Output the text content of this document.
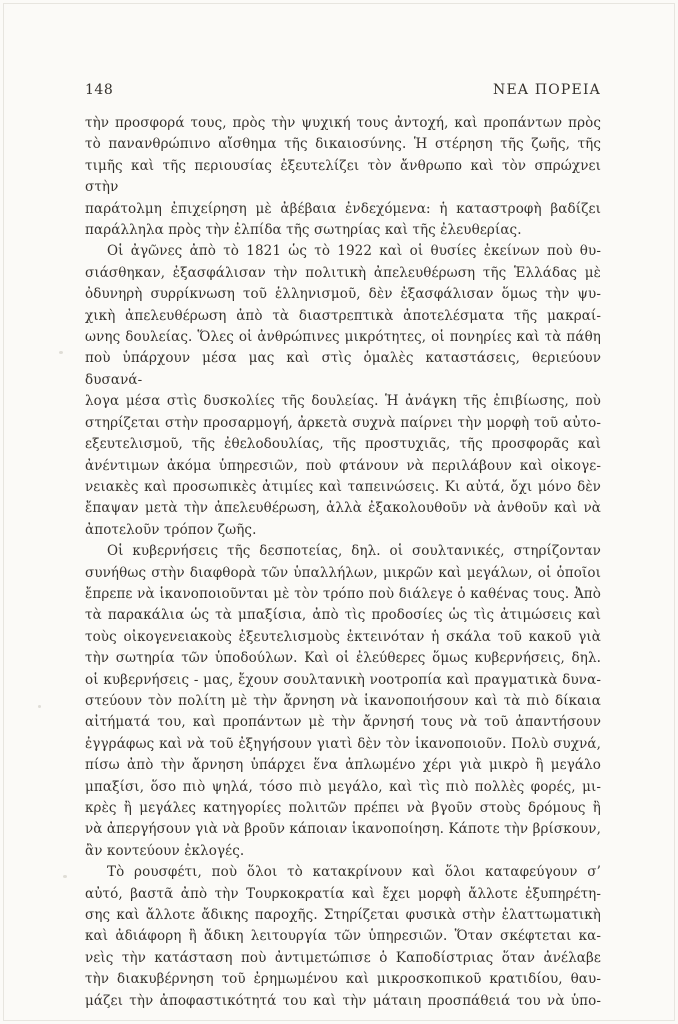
148	ΝΕΑ ΠΟΡΕΙΑ
τὴν προσφορά τους, πρὸς τὴν ψυχική τους ἀντοχή, καὶ προπάντων πρὸς
τὸ πανανθρώπινο αἴσθημα τῆς δικαιοσύνης. Ἡ στέρηση τῆς ζωῆς, τῆς
τιμῆς καὶ τῆς περιουσίας ἐξευτελίζει τὸν ἄνθρωπο καὶ τὸν σπρώχνει στὴν
παράτολμη ἐπιχείρηση μὲ ἀβέβαια ἐνδεχόμενα: ἡ καταστροφὴ βαδίζει
παράλληλα πρὸς τὴν ἐλπίδα τῆς σωτηρίας καὶ τῆς ἐλευθερίας.
Οἱ ἀγῶνες ἀπὸ τὸ 1821 ὡς τὸ 1922 καὶ οἱ θυσίες ἐκείνων ποὺ θυ-
σιάσθηκαν, ἐξασφάλισαν τὴν πολιτικὴ ἀπελευθέρωση τῆς Ἑλλάδας μὲ
ὀδυνηρὴ συρρίκνωση τοῦ ἑλληνισμοῦ, δὲν ἐξασφάλισαν ὅμως τὴν ψυ-
χικὴ ἀπελευθέρωση ἀπὸ τὰ διαστρεπτικὰ ἀποτελέσματα τῆς μακραί-
ωνης δουλείας. Ὅλες οἱ ἀνθρώπινες μικρότητες, οἱ πονηρίες καὶ τὰ πάθη
ποὺ ὑπάρχουν μέσα μας καὶ στὶς ὁμαλὲς καταστάσεις, θεριεύουν δυσανά-
λογα μέσα στὶς δυσκολίες τῆς δουλείας. Ἡ ἀνάγκη τῆς ἐπιβίωσης, ποὺ
στηρίζεται στὴν προσαρμογή, ἀρκετὰ συχνὰ παίρνει τὴν μορφὴ τοῦ αὐτο-
εξευτελισμοῦ, τῆς ἐθελοδουλίας, τῆς προστυχιᾶς, τῆς προσφορᾶς καὶ
ἀνέντιμων ἀκόμα ὑπηρεσιῶν, ποὺ φτάνουν νὰ περιλάβουν καὶ οἰκογε-
νειακὲς καὶ προσωπικὲς ἀτιμίες καὶ ταπεινώσεις. Κι αὐτά, ὄχι μόνο δὲν
ἔπαψαν μετὰ τὴν ἀπελευθέρωση, ἀλλὰ ἐξακολουθοῦν νὰ ἀνθοῦν καὶ νὰ
ἀποτελοῦν τρόπον ζωῆς.
Οἱ κυβερνήσεις τῆς δεσποτείας, δηλ. οἱ σουλτανικές, στηρίζονταν
συνήθως στὴν διαφθορὰ τῶν ὑπαλλήλων, μικρῶν καὶ μεγάλων, οἱ ὁποῖοι
ἔπρεπε νὰ ἱκανοποιοῦνται μὲ τὸν τρόπο ποὺ διάλεγε ὁ καθένας τους. Ἀπὸ
τὰ παρακάλια ὡς τὰ μπαξίσια, ἀπὸ τὶς προδοσίες ὡς τὶς ἀτιμώσεις καὶ
τοὺς οἰκογενειακοὺς ἐξευτελισμοὺς ἐκτεινόταν ἡ σκάλα τοῦ κακοῦ γιὰ
τὴν σωτηρία τῶν ὑποδούλων. Καὶ οἱ ἐλεύθερες ὅμως κυβερνήσεις, δηλ.
οἱ κυβερνήσεις - μας, ἔχουν σουλτανικὴ νοοτροπία καὶ πραγματικὰ δυνα-
στεύουν τὸν πολίτη μὲ τὴν ἄρνηση νὰ ἱκανοποιήσουν καὶ τὰ πιὸ δίκαια
αἰτήματά του, καὶ προπάντων μὲ τὴν ἄρνησή τους νὰ τοῦ ἀπαντήσουν
ἐγγράφως καὶ νὰ τοῦ ἐξηγήσουν γιατὶ δὲν τὸν ἱκανοποιοῦν. Πολὺ συχνά,
πίσω ἀπὸ τὴν ἄρνηση ὑπάρχει ἕνα ἁπλωμένο χέρι γιὰ μικρὸ ἢ μεγάλο
μπαξίσι, ὅσο πιὸ ψηλά, τόσο πιὸ μεγάλο, καὶ τὶς πιὸ πολλὲς φορές, μι-
κρὲς ἢ μεγάλες κατηγορίες πολιτῶν πρέπει νὰ βγοῦν στοὺς δρόμους ἢ
νὰ ἀπεργήσουν γιὰ νὰ βροῦν κάποιαν ἱκανοποίηση. Κάποτε τὴν βρίσκουν,
ἂν κοντεύουν ἐκλογές.
Τὸ ρουσφέτι, ποὺ ὅλοι τὸ κατακρίνουν καὶ ὅλοι καταφεύγουν σ’
αὐτό, βαστᾶ ἀπὸ τὴν Τουρκοκρατία καὶ ἔχει μορφὴ ἄλλοτε ἐξυπηρέτη-
σης καὶ ἄλλοτε ἄδικης παροχῆς. Στηρίζεται φυσικὰ στὴν ἐλαττωματικὴ
καὶ ἀδιάφορη ἢ ἄδικη λειτουργία τῶν ὑπηρεσιῶν. Ὅταν σκέφτεται κα-
νεὶς τὴν κατάσταση ποὺ ἀντιμετώπισε ὁ Καποδίστριας ὅταν ἀνέλαβε
τὴν διακυβέρνηση τοῦ ἐρημωμένου καὶ μικροσκοπικοῦ κρατιδίου, θαυ-
μάζει τὴν ἀποφαστικότητά του καὶ τὴν μάταιη προσπάθειά του νὰ ὑπο-
